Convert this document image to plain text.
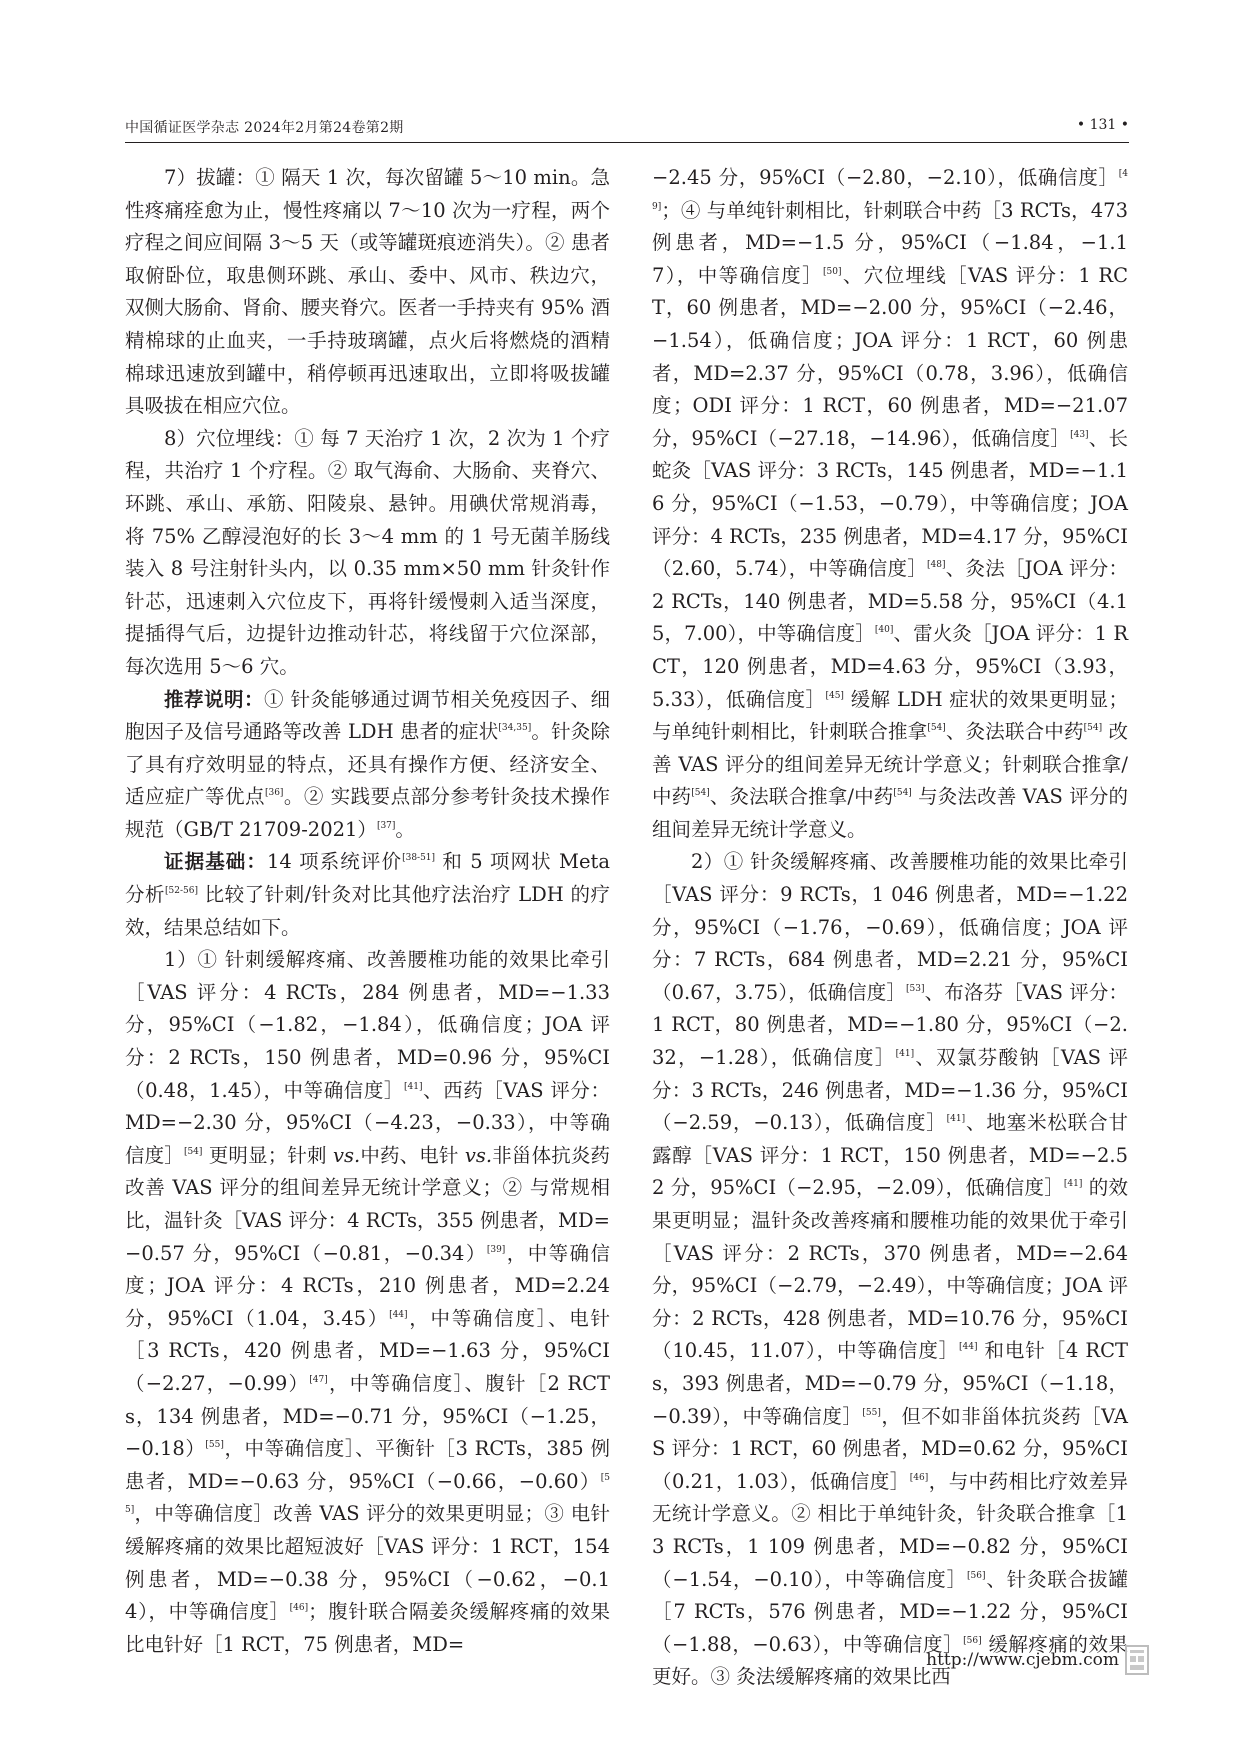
中国循证医学杂志 2024年2月第24卷第2期	• 131 •

7）拔罐：① 隔天 1 次，每次留罐 5～10 min。急性疼痛痊愈为止，慢性疼痛以 7～10 次为一疗程，两个疗程之间应间隔 3～5 天（或等罐斑痕迹消失）。② 患者取俯卧位，取患侧环跳、承山、委中、风市、秩边穴，双侧大肠俞、肾俞、腰夹脊穴。医者一手持夹有 95% 酒精棉球的止血夹，一手持玻璃罐，点火后将燃烧的酒精棉球迅速放到罐中，稍停顿再迅速取出，立即将吸拔罐具吸拔在相应穴位。

8）穴位埋线：① 每 7 天治疗 1 次，2 次为 1 个疗程，共治疗 1 个疗程。② 取气海俞、大肠俞、夹脊穴、环跳、承山、承筋、阳陵泉、悬钟。用碘伏常规消毒，将 75% 乙醇浸泡好的长 3～4 mm 的 1 号无菌羊肠线装入 8 号注射针头内，以 0.35 mm×50 mm 针灸针作针芯，迅速刺入穴位皮下，再将针缓慢刺入适当深度，提插得气后，边提针边推动针芯，将线留于穴位深部，每次选用 5～6 穴。

推荐说明：① 针灸能够通过调节相关免疫因子、细胞因子及信号通路等改善 LDH 患者的症状[34,35]。针灸除了具有疗效明显的特点，还具有操作方便、经济安全、适应症广等优点[36]。② 实践要点部分参考针灸技术操作规范（GB/T 21709-2021）[37]。

证据基础：14 项系统评价[38-51] 和 5 项网状 Meta 分析[52-56] 比较了针刺/针灸对比其他疗法治疗 LDH 的疗效，结果总结如下。

1）① 针刺缓解疼痛、改善腰椎功能的效果比牵引［VAS 评分：4 RCTs，284 例患者，MD=−1.33 分，95%CI（−1.82，−1.84），低确信度；JOA 评分：2 RCTs，150 例患者，MD=0.96 分，95%CI（0.48，1.45），中等确信度］[41]、西药［VAS 评分：MD=−2.30 分，95%CI（−4.23，−0.33），中等确信度］[54] 更明显；针刺 vs.中药、电针 vs.非甾体抗炎药改善 VAS 评分的组间差异无统计学意义；② 与常规相比，温针灸［VAS 评分：4 RCTs，355 例患者，MD=−0.57 分，95%CI（−0.81，−0.34）[39]，中等确信度；JOA 评分：4 RCTs，210 例患者，MD=2.24 分，95%CI（1.04，3.45）[44]，中等确信度］、电针［3 RCTs，420 例患者，MD=−1.63 分，95%CI（−2.27，−0.99）[47]，中等确信度］、腹针［2 RCTs，134 例患者，MD=−0.71 分，95%CI（−1.25，−0.18）[55]，中等确信度］、平衡针［3 RCTs，385 例患者，MD=−0.63 分，95%CI（−0.66，−0.60）[55]，中等确信度］改善 VAS 评分的效果更明显；③ 电针缓解疼痛的效果比超短波好［VAS 评分：1 RCT，154 例患者，MD=−0.38 分，95%CI（−0.62，−0.14），中等确信度］[46]；腹针联合隔姜灸缓解疼痛的效果比电针好［1 RCT，75 例患者，MD=

−2.45 分，95%CI（−2.80，−2.10），低确信度］[49]；④ 与单纯针刺相比，针刺联合中药［3 RCTs，473 例患者，MD=−1.5 分，95%CI（−1.84，−1.17），中等确信度］[50]、穴位埋线［VAS 评分：1 RCT，60 例患者，MD=−2.00 分，95%CI（−2.46，−1.54），低确信度；JOA 评分：1 RCT，60 例患者，MD=2.37 分，95%CI（0.78，3.96），低确信度；ODI 评分：1 RCT，60 例患者，MD=−21.07 分，95%CI（−27.18，−14.96），低确信度］[43]、长蛇灸［VAS 评分：3 RCTs，145 例患者，MD=−1.16 分，95%CI（−1.53，−0.79），中等确信度；JOA 评分：4 RCTs，235 例患者，MD=4.17 分，95%CI（2.60，5.74），中等确信度］[48]、灸法［JOA 评分：2 RCTs，140 例患者，MD=5.58 分，95%CI（4.15，7.00），中等确信度］[40]、雷火灸［JOA 评分：1 RCT，120 例患者，MD=4.63 分，95%CI（3.93，5.33），低确信度］[45] 缓解 LDH 症状的效果更明显；与单纯针刺相比，针刺联合推拿[54]、灸法联合中药[54] 改善 VAS 评分的组间差异无统计学意义；针刺联合推拿/中药[54]、灸法联合推拿/中药[54] 与灸法改善 VAS 评分的组间差异无统计学意义。

2）① 针灸缓解疼痛、改善腰椎功能的效果比牵引［VAS 评分：9 RCTs，1 046 例患者，MD=−1.22 分，95%CI（−1.76，−0.69），低确信度；JOA 评分：7 RCTs，684 例患者，MD=2.21 分，95%CI（0.67，3.75），低确信度］[53]、布洛芬［VAS 评分：1 RCT，80 例患者，MD=−1.80 分，95%CI（−2.32，−1.28），低确信度］[41]、双氯芬酸钠［VAS 评分：3 RCTs，246 例患者，MD=−1.36 分，95%CI（−2.59，−0.13），低确信度］[41]、地塞米松联合甘露醇［VAS 评分：1 RCT，150 例患者，MD=−2.52 分，95%CI（−2.95，−2.09），低确信度］[41] 的效果更明显；温针灸改善疼痛和腰椎功能的效果优于牵引［VAS 评分：2 RCTs，370 例患者，MD=−2.64 分，95%CI（−2.79，−2.49），中等确信度；JOA 评分：2 RCTs，428 例患者，MD=10.76 分，95%CI（10.45，11.07），中等确信度］[44] 和电针［4 RCTs，393 例患者，MD=−0.79 分，95%CI（−1.18，−0.39），中等确信度］[55]，但不如非甾体抗炎药［VAS 评分：1 RCT，60 例患者，MD=0.62 分，95%CI（0.21，1.03），低确信度］[46]，与中药相比疗效差异无统计学意义。② 相比于单纯针灸，针灸联合推拿［13 RCTs，1 109 例患者，MD=−0.82 分，95%CI（−1.54，−0.10），中等确信度］[56]、针灸联合拔罐［7 RCTs，576 例患者，MD=−1.22 分，95%CI（−1.88，−0.63），中等确信度］[56] 缓解疼痛的效果更好。③ 灸法缓解疼痛的效果比西

http://www.cjebm.com
